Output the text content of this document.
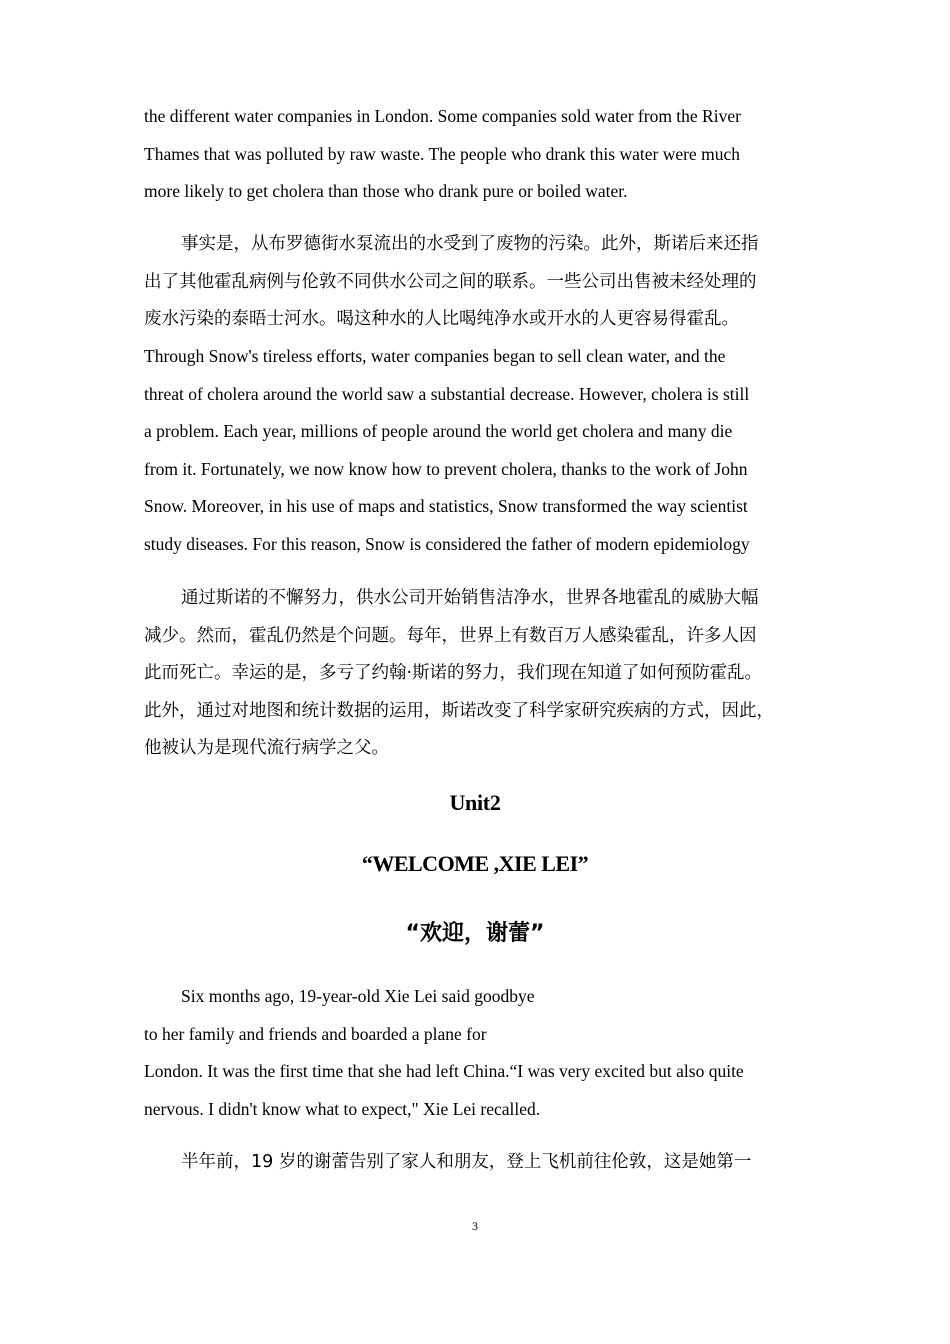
the different water companies in London. Some companies sold water from the River
Thames that was polluted by raw waste. The people who drank this water were much
more likely to get cholera than those who drank pure or boiled water.
事实是，从布罗德街水泵流出的水受到了废物的污染。此外，斯诺后来还指
出了其他霍乱病例与伦敦不同供水公司之间的联系。一些公司出售被未经处理的
废水污染的泰晤士河水。喝这种水的人比喝纯净水或开水的人更容易得霍乱。
Through Snow's tireless efforts, water companies began to sell clean water, and the
threat of cholera around the world saw a substantial decrease. However, cholera is still
a problem. Each year, millions of people around the world get cholera and many die
from it. Fortunately, we now know how to prevent cholera, thanks to the work of John
Snow. Moreover, in his use of maps and statistics, Snow transformed the way scientist
study diseases. For this reason, Snow is considered the father of modern epidemiology
通过斯诺的不懈努力，供水公司开始销售洁净水，世界各地霍乱的威胁大幅
减少。然而，霍乱仍然是个问题。每年，世界上有数百万人感染霍乱，许多人因
此而死亡。幸运的是，多亏了约翰·斯诺的努力，我们现在知道了如何预防霍乱。
此外，通过对地图和统计数据的运用，斯诺改变了科学家研究疾病的方式，因此，
他被认为是现代流行病学之父。
Unit2
“WELCOME ,XIE LEI”
“欢迎，谢蕾”
Six months ago, 19-year-old Xie Lei said goodbye
to her family and friends and boarded a plane for
London. It was the first time that she had left China.“I was very excited but also quite
nervous. I didn't know what to expect," Xie Lei recalled.
半年前，19 岁的谢蕾告别了家人和朋友，登上飞机前往伦敦，这是她第一
3
